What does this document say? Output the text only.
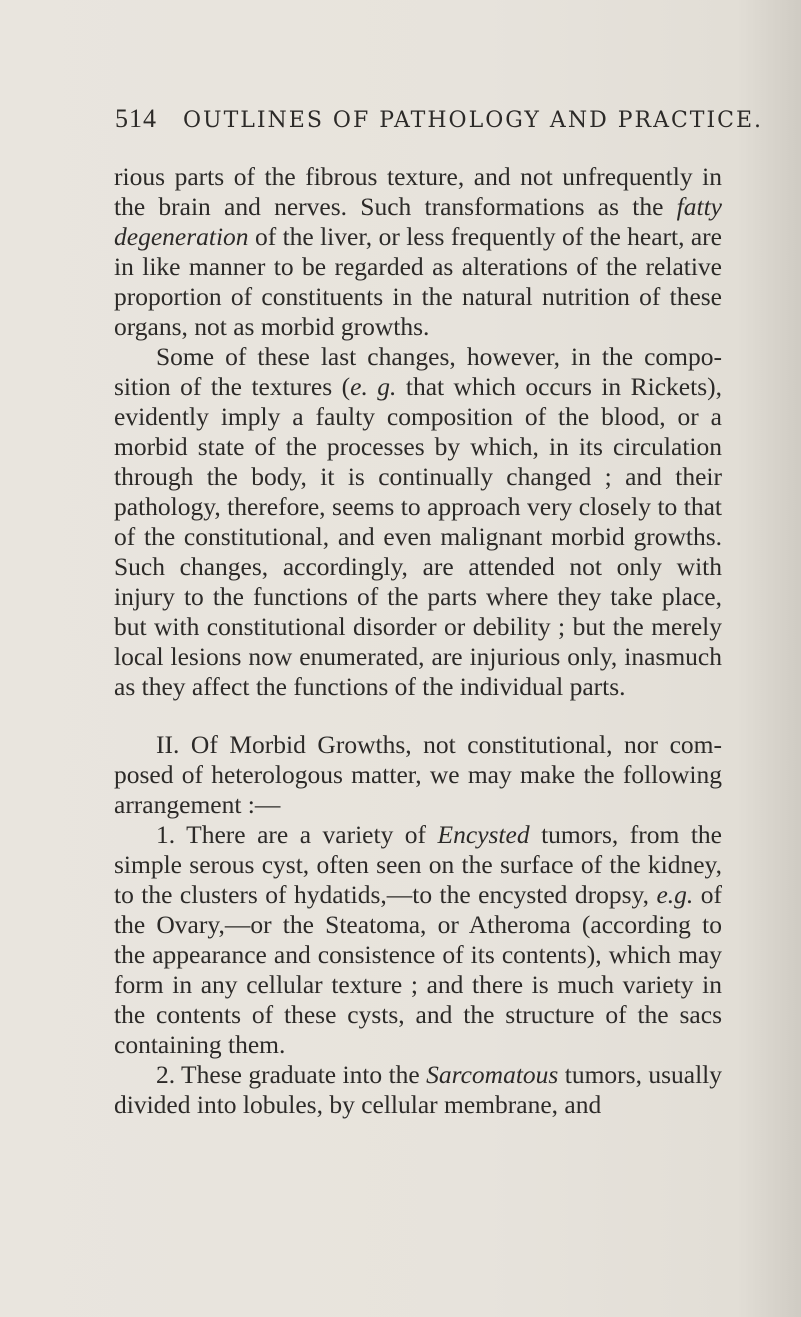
514 OUTLINES OF PATHOLOGY AND PRACTICE.

rious parts of the fibrous texture, and not unfrequently in the brain and nerves. Such transformations as the fatty degeneration of the liver, or less frequently of the heart, are in like manner to be regarded as alterations of the relative proportion of constituents in the natural nutrition of these organs, not as morbid growths.

Some of these last changes, however, in the composition of the textures (e. g. that which occurs in Rickets), evidently imply a faulty composition of the blood, or a morbid state of the processes by which, in its circulation through the body, it is continually changed ; and their pathology, therefore, seems to approach very closely to that of the constitutional, and even malignant morbid growths. Such changes, accordingly, are attended not only with injury to the functions of the parts where they take place, but with constitutional disorder or debility ; but the merely local lesions now enumerated, are injurious only, inasmuch as they affect the functions of the individual parts.

II. Of Morbid Growths, not constitutional, nor composed of heterologous matter, we may make the following arrangement :—

1. There are a variety of Encysted tumors, from the simple serous cyst, often seen on the surface of the kidney, to the clusters of hydatids,—to the encysted dropsy, e.g. of the Ovary,—or the Steatoma, or Atheroma (according to the appearance and consistence of its contents), which may form in any cellular texture ; and there is much variety in the contents of these cysts, and the structure of the sacs containing them.

2. These graduate into the Sarcomatous tumors, usually divided into lobules, by cellular membrane, and
